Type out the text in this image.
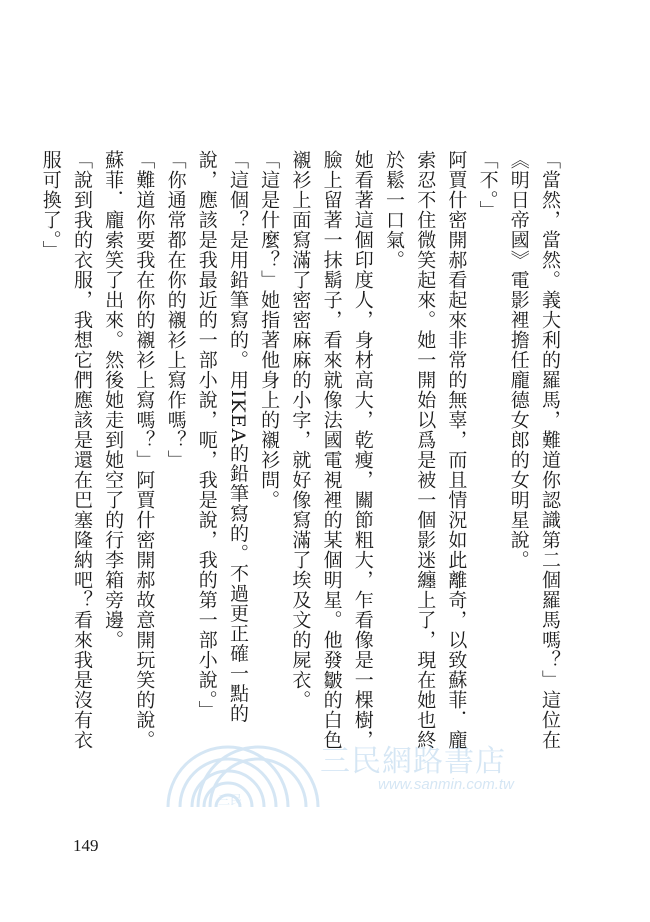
「當然，當然。義大利的羅馬，難道你認識第二個羅馬嗎？」這位在《明日帝國》電影裡擔任龐德女郎的女明星說。

「不。」

阿賈什密開郝看起來非常的無辜，而且情況如此離奇，以致蘇菲．龐索忍不住微笑起來。她一開始以爲是被一個影迷纏上了，現在她也終於鬆一口氣。

她看著這個印度人，身材高大，乾瘦，關節粗大，乍看像是一棵樹，臉上留著一抹鬍子，看來就像法國電視裡的某個明星。他發皺的白色襯衫上面寫滿了密密麻麻的小字，就好像寫滿了埃及文的屍衣。

「這是什麼？」她指著他身上的襯衫問。

「這個？是用鉛筆寫的。用IKEA的鉛筆寫的。不過更正確一點的說，應該是我最近的一部小說，呃，我是說，我的第一部小說。」

「你通常都在你的襯衫上寫作嗎？」

「難道你要我在你的襯衫上寫嗎？」阿賈什密開郝故意開玩笑的說。

蘇菲．龐索笑了出來。然後她走到她空了的行李箱旁邊。

「說到我的衣服，我想它們應該是還在巴塞隆納吧？看來我是沒有衣服可換了。」

三民
三民網路書店
www.sanmin.com.tw
149
